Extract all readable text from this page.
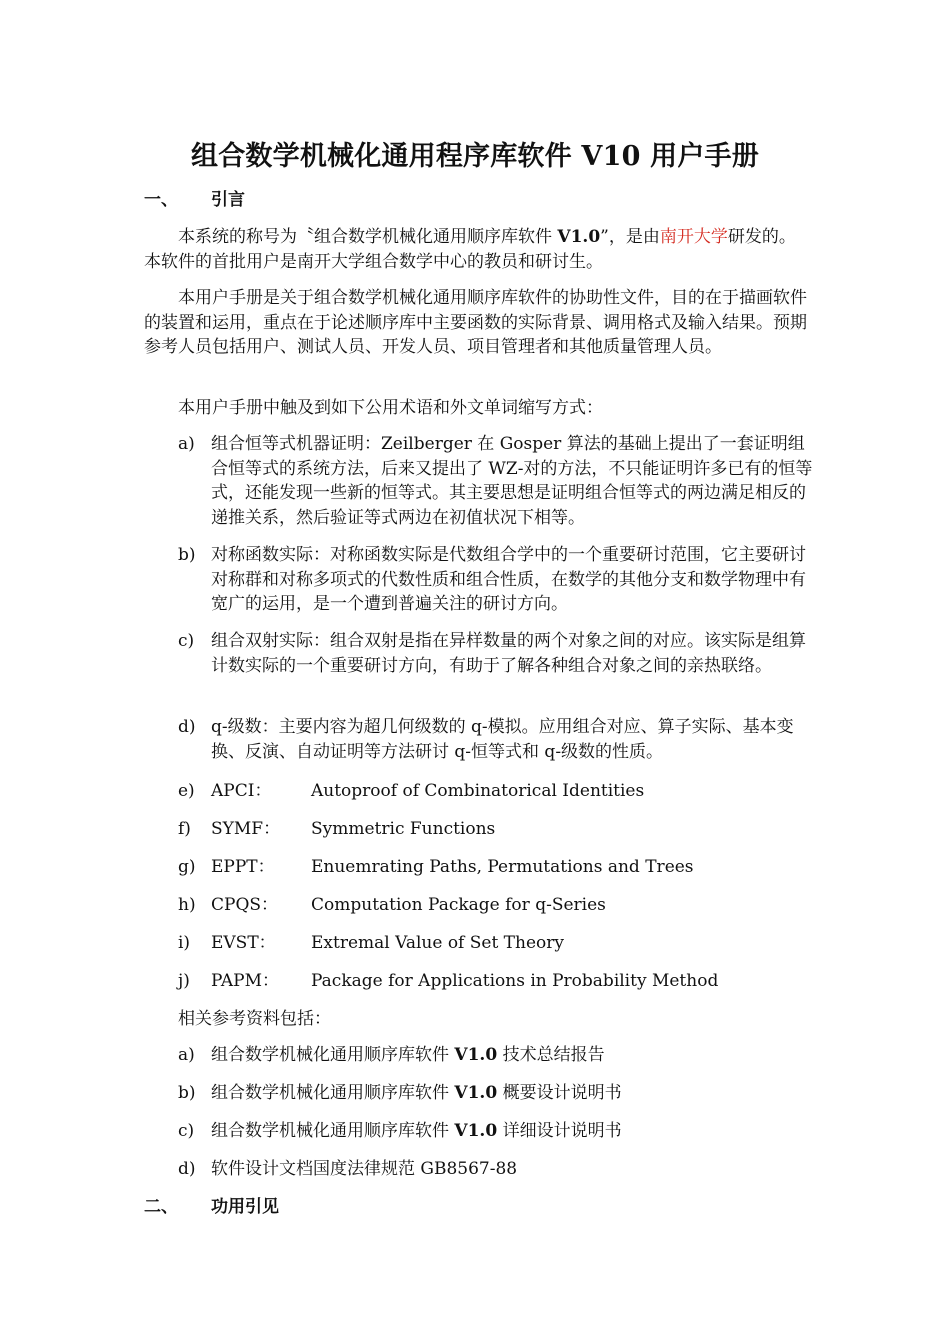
组合数学机械化通用程序库软件 V10 用户手册
一、 引言
本系统的称号为〝组合数学机械化通用顺序库软件 V1.0”，是由南开大学研发的。本软件的首批用户是南开大学组合数学中心的教员和研讨生。
本用户手册是关于组合数学机械化通用顺序库软件的协助性文件，目的在于描画软件的装置和运用，重点在于论述顺序库中主要函数的实际背景、调用格式及输入结果。预期参考人员包括用户、测试人员、开发人员、项目管理者和其他质量管理人员。
本用户手册中触及到如下公用术语和外文单词缩写方式：
a) 组合恒等式机器证明：Zeilberger 在 Gosper 算法的基础上提出了一套证明组合恒等式的系统方法，后来又提出了 WZ-对的方法，不只能证明许多已有的恒等式，还能发现一些新的恒等式。其主要思想是证明组合恒等式的两边满足相反的递推关系，然后验证等式两边在初值状况下相等。
b) 对称函数实际：对称函数实际是代数组合学中的一个重要研讨范围，它主要研讨对称群和对称多项式的代数性质和组合性质，在数学的其他分支和数学物理中有宽广的运用，是一个遭到普遍关注的研讨方向。
c) 组合双射实际：组合双射是指在异样数量的两个对象之间的对应。该实际是组算计数实际的一个重要研讨方向，有助于了解各种组合对象之间的亲热联络。
d) q-级数：主要内容为超几何级数的 q-模拟。应用组合对应、算子实际、基本变换、反演、自动证明等方法研讨 q-恒等式和 q-级数的性质。
e) APCI： Autoproof of Combinatorical Identities
f)	SYMF： Symmetric Functions
g) EPPT： Enuemrating Paths, Permutations and Trees
h) CPQS： Computation Package for q-Series
i)	EVST： Extremal Value of Set Theory
j)	PAPM： Package for Applications in Probability Method
相关参考资料包括：
a) 组合数学机械化通用顺序库软件 V1.0 技术总结报告
b) 组合数学机械化通用顺序库软件 V1.0 概要设计说明书
c) 组合数学机械化通用顺序库软件 V1.0 详细设计说明书
d) 软件设计文档国度法律规范 GB8567-88
二、 功用引见
